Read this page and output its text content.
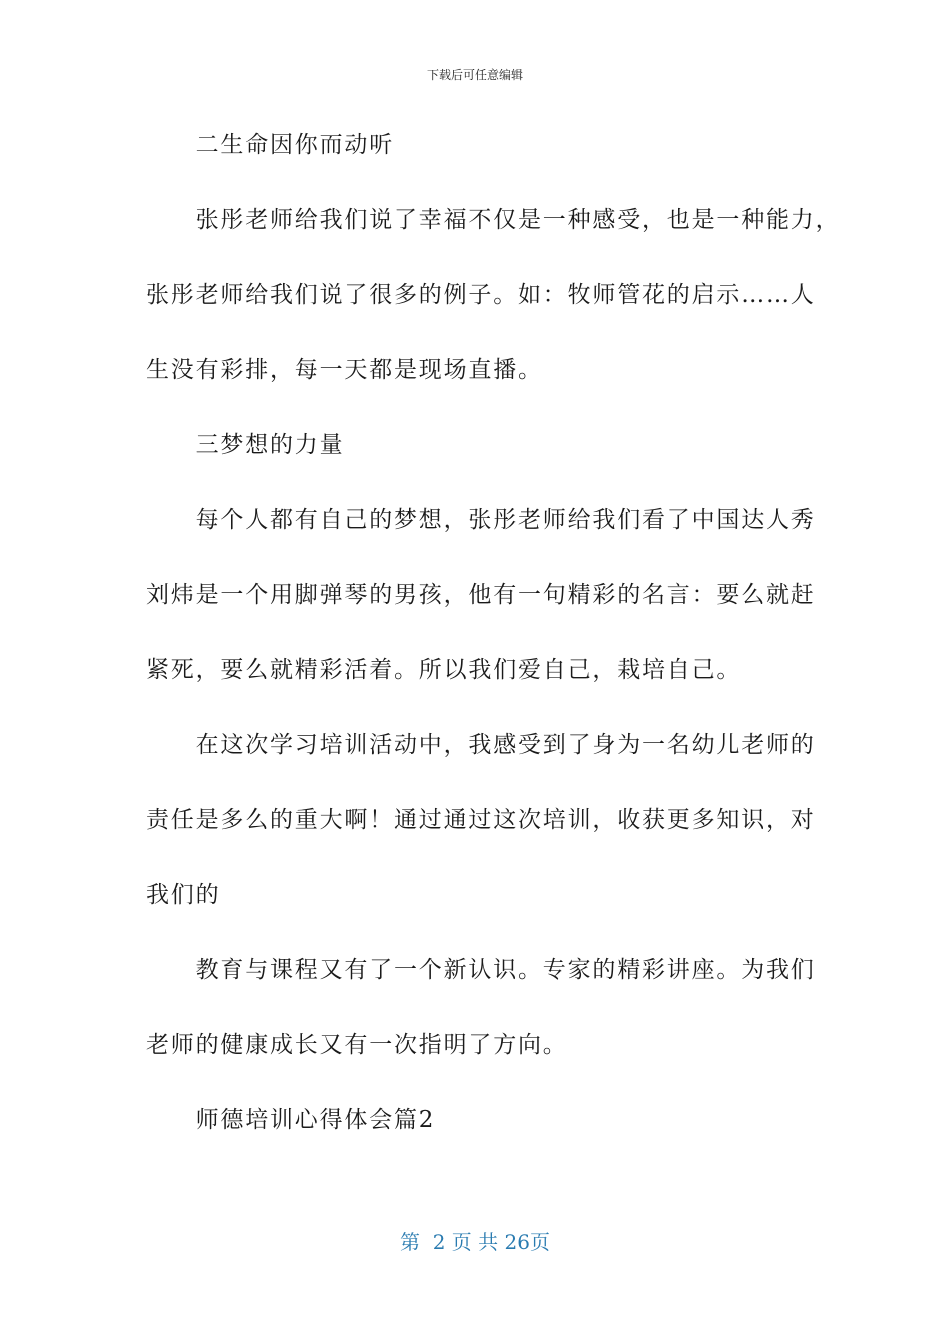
下载后可任意编辑
　　二生命因你而动听
　　张彤老师给我们说了幸福不仅是一种感受，也是一种能力，
张彤老师给我们说了很多的例子。如：牧师管花的启示……人
生没有彩排，每一天都是现场直播。
　　三梦想的力量
　　每个人都有自己的梦想，张彤老师给我们看了中国达人秀
刘炜是一个用脚弹琴的男孩，他有一句精彩的名言：要么就赶
紧死，要么就精彩活着。所以我们爱自己，栽培自己。
　　在这次学习培训活动中，我感受到了身为一名幼儿老师的
责任是多么的重大啊！通过通过这次培训，收获更多知识，对
我们的
　　教育与课程又有了一个新认识。专家的精彩讲座。为我们
老师的健康成长又有一次指明了方向。
　　师德培训心得体会篇2
第  2 页 共 26页
